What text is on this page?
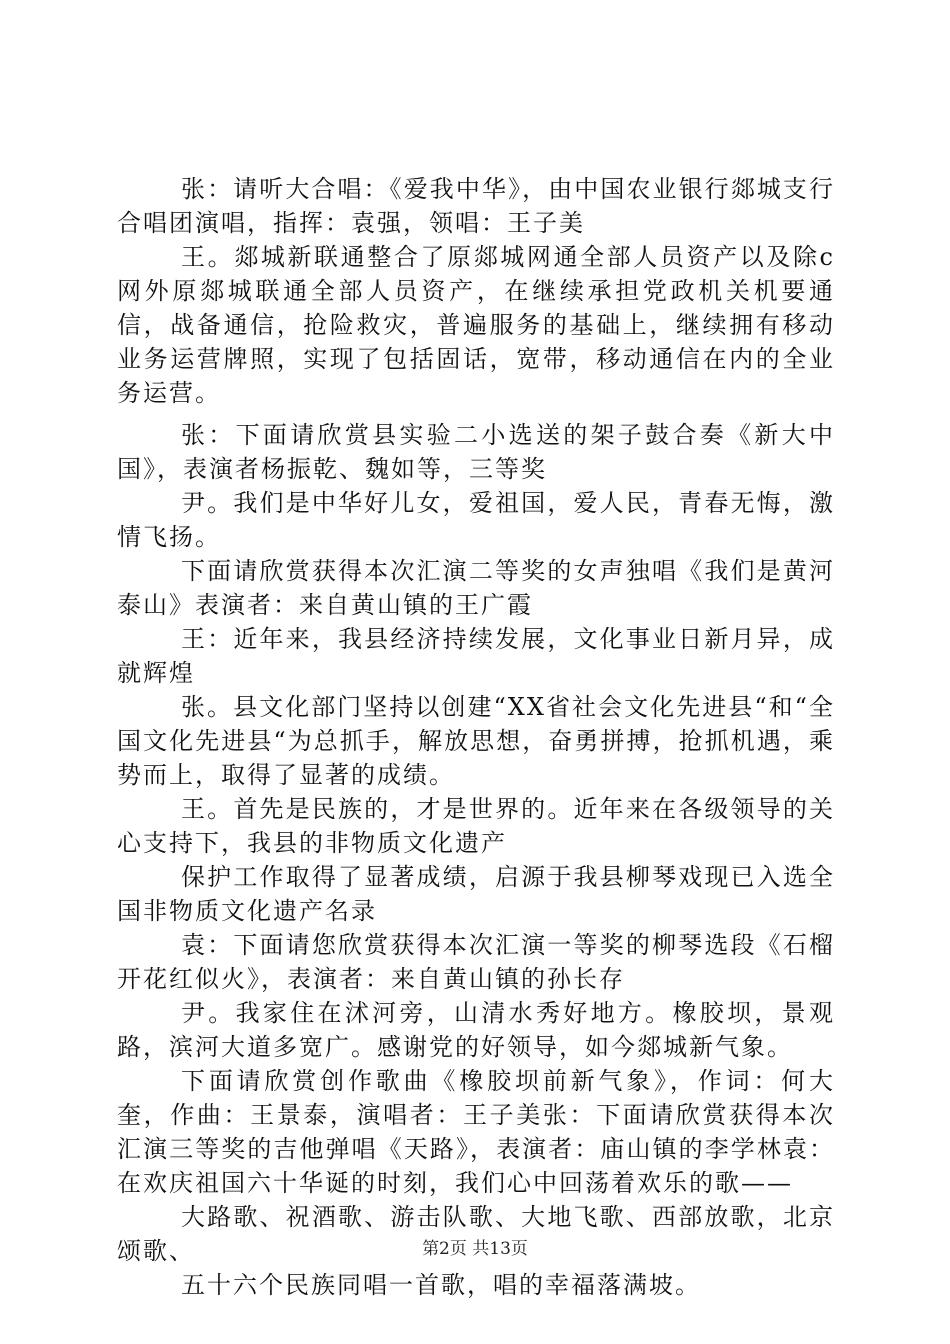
张：请听大合唱：《爱我中华》，由中国农业银行郯城支行合唱团演唱，指挥：袁强，领唱：王子美

王。郯城新联通整合了原郯城网通全部人员资产以及除c网外原郯城联通全部人员资产，在继续承担党政机关机要通信，战备通信，抢险救灾，普遍服务的基础上，继续拥有移动业务运营牌照，实现了包括固话，宽带，移动通信在内的全业务运营。

张：下面请欣赏县实验二小选送的架子鼓合奏《新大中国》，表演者杨振乾、魏如等，三等奖

尹。我们是中华好儿女，爱祖国，爱人民，青春无悔，激情飞扬。

下面请欣赏获得本次汇演二等奖的女声独唱《我们是黄河泰山》表演者：来自黄山镇的王广霞

王：近年来，我县经济持续发展，文化事业日新月异，成就辉煌

张。县文化部门坚持以创建“XX省社会文化先进县“和“全国文化先进县“为总抓手，解放思想，奋勇拼搏，抢抓机遇，乘势而上，取得了显著的成绩。

王。首先是民族的，才是世界的。近年来在各级领导的关心支持下，我县的非物质文化遗产

保护工作取得了显著成绩，启源于我县柳琴戏现已入选全国非物质文化遗产名录

袁：下面请您欣赏获得本次汇演一等奖的柳琴选段《石榴开花红似火》，表演者：来自黄山镇的孙长存

尹。我家住在沭河旁，山清水秀好地方。橡胶坝，景观路，滨河大道多宽广。感谢党的好领导，如今郯城新气象。

下面请欣赏创作歌曲《橡胶坝前新气象》，作词：何大奎，作曲：王景泰，演唱者：王子美张：下面请欣赏获得本次汇演三等奖的吉他弹唱《天路》，表演者：庙山镇的李学林袁：在欢庆祖国六十华诞的时刻，我们心中回荡着欢乐的歌——

大路歌、祝酒歌、游击队歌、大地飞歌、西部放歌，北京颂歌、

五十六个民族同唱一首歌，唱的幸福落满坡。

第2页 共13页
